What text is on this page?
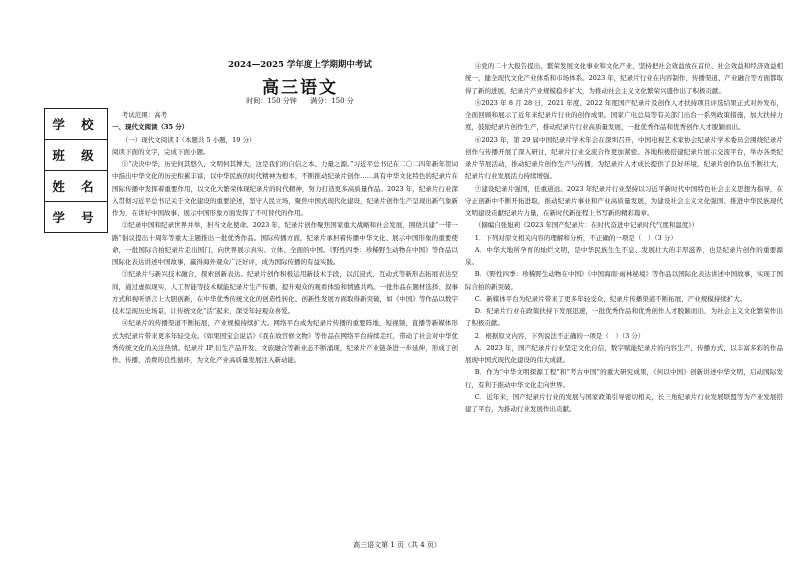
学 校
班 级
姓 名
学 号
2024—2025 学年度上学期期中考试
高三语文
时间：150 分钟 满分：150 分

考试范围：高考

一、现代文阅读（35 分）

（一）现代文阅读 I（本题共 5 小题，19 分）

阅读下面的文字，完成下面小题。

①“决决中华，历史何其悠久，文明何其博大，这是我们的自信之本、力量之源。”习近平总书记在二〇二四年新年贺词中指出中华文化的历史积累丰富，以中华民族的时代精神为根本，不断推动纪录片创作……具有中华文化特色的纪录片在国际传播中发挥着重要作用，以文化大繁荣体现纪录片的时代精神，努力打造更多高质量作品。2023 年，纪录片行业深入贯彻习近平总书记关于文化建设的重要论述，坚守人民立场，聚焦中国式现代化建设，纪录片创作生产呈现出新气象新作为，在讲好中国故事、展示中国形象方面发挥了不可替代的作用。

②纪录中国和纪录世界并举，担当文化使命。2023 年，纪录片创作聚焦国家重大战略和社会发展，围绕共建“一带一路”倡议提出十周年等重大主题推出一批优秀作品。国际传播方面，纪录片承担着传播中华文化、展示中国形象的重要使命，一批国际合拍纪录片走出国门，向世界展示真实、立体、全面的中国。《野性四季：珍稀野生动物在中国》等作品以国际化表达讲述中国故事，赢得海外观众广泛好评，成为国际传播的有益实践。

③纪录片与新兴技术融合，探索创新表达。纪录片创作积极运用新技术手段，以沉浸式、互动式等新形态拓展表达空间，通过虚拟现实、人工智能等技术赋能纪录片生产传播，提升观众的观看体验和情感共鸣。一批作品在题材选择、叙事方式和视听语言上大胆创新，在中华优秀传统文化的创造性转化、创新性发展方面取得新突破，如《中国》等作品以数字技术呈现历史场景，让传统文化“活”起来，深受年轻观众喜爱。

④纪录片的传播渠道不断拓展，产业规模持续扩大。网络平台成为纪录片传播的重要阵地，短视频、直播等新媒体形式为纪录片带来更多年轻受众。《如果国宝会说话》《我在故宫修文物》等作品在网络平台持续走红，带动了社会对中华优秀传统文化的关注热情。纪录片 IP 衍生产品开发、文旅融合等新业态不断涌现，纪录片产业链条进一步延伸，形成了创作、传播、消费的良性循环，为文化产业高质量发展注入新动能。

④党的二十大报告提出，繁荣发展文化事业和文化产业，坚持把社会效益放在首位、社会效益和经济效益相统一，健全现代文化产业体系和市场体系。2023 年，纪录片行业在内容制作、传播渠道、产业融合等方面都取得了新的进展，纪录片产业规模稳步扩大，为推动社会主义文化繁荣兴盛作出了积极贡献。

⑤2023 年 8 月 28 日，2021 年度、2022 年度国产纪录片及创作人才扶持项目评选结果正式对外发布，全面回顾和展示了近年来纪录片行业的创作成果。国家广电总局等有关部门出台一系列政策措施，加大扶持力度，鼓励纪录片创作生产，推动纪录片行业高质量发展，一批优秀作品和优秀创作人才脱颖而出。

⑥2023 年，第 29 届中国纪录片学术年会在深圳召开，中国电视艺术家协会纪录片学术委员会围绕纪录片创作与传播开展了深入研讨，纪录片行业交流合作更加紧密。各地积极搭建纪录片展示交流平台，举办各类纪录片节展活动，推动纪录片创作生产与传播，为纪录片人才成长提供了良好环境，纪录片创作队伍不断壮大，纪录片行业发展活力持续增强。

⑦建设纪录片强国，任重道远。2023 年纪录片行业坚持以习近平新时代中国特色社会主义思想为指导，在守正创新中不断开拓进取，推动纪录片事业和产业高质量发展，为建设社会主义文化强国、推进中华民族现代文明建设贡献纪录片力量，在新时代新征程上书写新的精彩篇章。

（摘编自张旭莉《2023 年国产纪录片：在时代奋进中记录时代气度和温度》）

1．下列对原文相关内容的理解和分析，不正确的一项是（　）（3 分）

A．中华大地所孕育的灿烂文明，是中华民族生生不息、发展壮大的丰厚滋养，也是纪录片创作的重要源泉。

B．《野性四季：珍稀野生动物在中国》《中国海南·雨林秘境》等作品以国际化表达讲述中国故事，实现了国际合拍的新突破。

C．新媒体平台为纪录片带来了更多年轻受众，纪录片传播渠道不断拓展，产业规模持续扩大。

D．纪录片行业在政策扶持下发展迅速，一批优秀作品和优秀创作人才脱颖而出，为社会主义文化繁荣作出了积极贡献。

2．根据原文内容，下列说法不正确的一项是（　）（3 分）

A．2023 年，国产纪录片行业坚定文化自信，数字赋能纪录片的内容生产、传播方式，以丰富多彩的作品展现中国式现代化建设的伟大成就。

B．作为“中华文明探源工程”和“考古中国”的重大研究成果，《何以中国》创新讲述中华文明，启动国际发行，有利于推动中华文化走向世界。

C．近年来，国产纪录片行业的发展与国家政策引导密切相关，长三角纪录片行业发展联盟等为产业发展搭建了平台，为推动行业发展作出贡献。

高三语文第 1 页（共 4 页）
